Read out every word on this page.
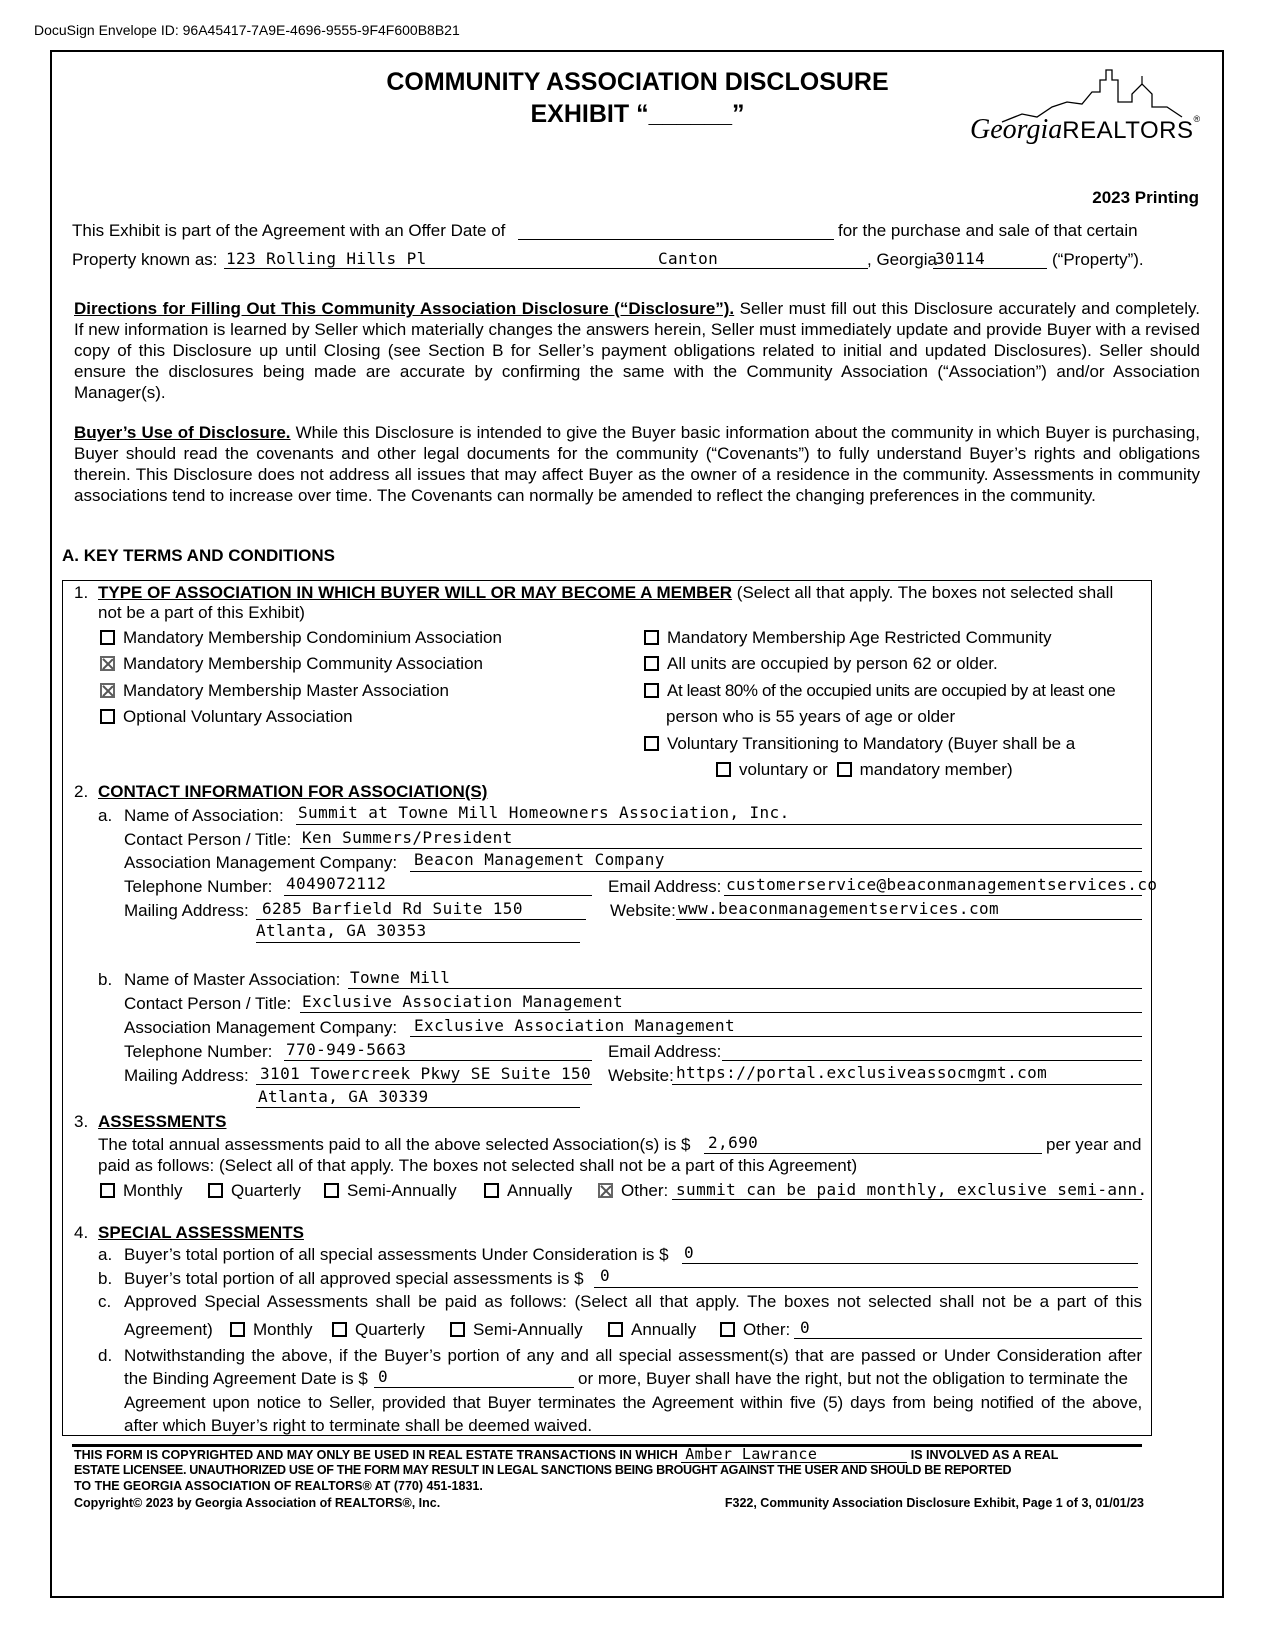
DocuSign Envelope ID: 96A45417-7A9E-4696-9555-9F4F600B8B21
COMMUNITY ASSOCIATION DISCLOSURE
EXHIBIT “______”	GeorgiaREALTORS®
2023 Printing
This Exhibit is part of the Agreement with an Offer Date of	for the purchase and sale of that certain
Property known as: 123 Rolling Hills Pl	Canton	, Georgia
30114	(“Property”).
Directions for Filling Out This Community Association Disclosure (“Disclosure”). Seller must fill out this Disclosure accurately and completely. If new information is learned by Seller which materially changes the answers herein, Seller must immediately update and provide Buyer with a revised copy of this Disclosure up until Closing (see Section B for Seller’s payment obligations related to initial and updated Disclosures). Seller should ensure the disclosures being made are accurate by confirming the same with the Community Association (“Association”) and/or Association Manager(s).
Buyer’s Use of Disclosure. While this Disclosure is intended to give the Buyer basic information about the community in which Buyer is purchasing, Buyer should read the covenants and other legal documents for the community (“Covenants”) to fully understand Buyer’s rights and obligations therein. This Disclosure does not address all issues that may affect Buyer as the owner of a residence in the community. Assessments in community associations tend to increase over time. The Covenants can normally be amended to reflect the changing preferences in the community.
A. KEY TERMS AND CONDITIONS
1. TYPE OF ASSOCIATION IN WHICH BUYER WILL OR MAY BECOME A MEMBER (Select all that apply. The boxes not selected shall
not be a part of this Exhibit)
Mandatory Membership Condominium Association
Mandatory Membership Community Association
Mandatory Membership Master Association
Optional Voluntary Association
Mandatory Membership Age Restricted Community
All units are occupied by person 62 or older.
At least 80% of the occupied units are occupied by at least one
person who is 55 years of age or older
Voluntary Transitioning to Mandatory (Buyer shall be a
voluntary or mandatory member)
2. CONTACT INFORMATION FOR ASSOCIATION(S)
a. Name of Association: Summit at Towne Mill Homeowners Association, Inc.
Contact Person / Title: Ken Summers/President
Association Management Company: Beacon Management Company
Telephone Number: 4049072112	Email Address: customerservice@beaconmanagementservices.co
Mailing Address: 6285 Barfield Rd Suite 150	Website: www.beaconmanagementservices.com
Atlanta, GA 30353
b. Name of Master Association: Towne Mill
Contact Person / Title: Exclusive Association Management
Association Management Company: Exclusive Association Management
Telephone Number: 770-949-5663	Email Address:
Mailing Address: 3101 Towercreek Pkwy SE Suite 150 Website: https://portal.exclusiveassocmgmt.com
Atlanta, GA 30339
3. ASSESSMENTS
The total annual assessments paid to all the above selected Association(s) is $ 2,690	per year and
paid as follows: (Select all of that apply. The boxes not selected shall not be a part of this Agreement)
Monthly	Quarterly	Semi-Annually	Annually	Other: summit can be paid monthly, exclusive semi-ann.
4. SPECIAL ASSESSMENTS
a. Buyer’s total portion of all special assessments Under Consideration is $ 0
b. Buyer’s total portion of all approved special assessments is $ 0
c. Approved Special Assessments shall be paid as follows: (Select all that apply. The boxes not selected shall not be a part of this
Agreement)	Monthly	Quarterly	Semi-Annually	Annually	Other: 0
d. Notwithstanding the above, if the Buyer’s portion of any and all special assessment(s) that are passed or Under Consideration after
the Binding Agreement Date is $ 0	or more, Buyer shall have the right, but not the obligation to terminate the
Agreement upon notice to Seller, provided that Buyer terminates the Agreement within five (5) days from being notified of the above,
after which Buyer’s right to terminate shall be deemed waived.
THIS FORM IS COPYRIGHTED AND MAY ONLY BE USED IN REAL ESTATE TRANSACTIONS IN WHICH Amber Lawrance	IS INVOLVED AS A REAL
ESTATE LICENSEE. UNAUTHORIZED USE OF THE FORM MAY RESULT IN LEGAL SANCTIONS BEING BROUGHT AGAINST THE USER AND SHOULD BE REPORTED
TO THE GEORGIA ASSOCIATION OF REALTORS® AT (770) 451-1831.
Copyright© 2023 by Georgia Association of REALTORS®, Inc.	F322, Community Association Disclosure Exhibit, Page 1 of 3, 01/01/23
